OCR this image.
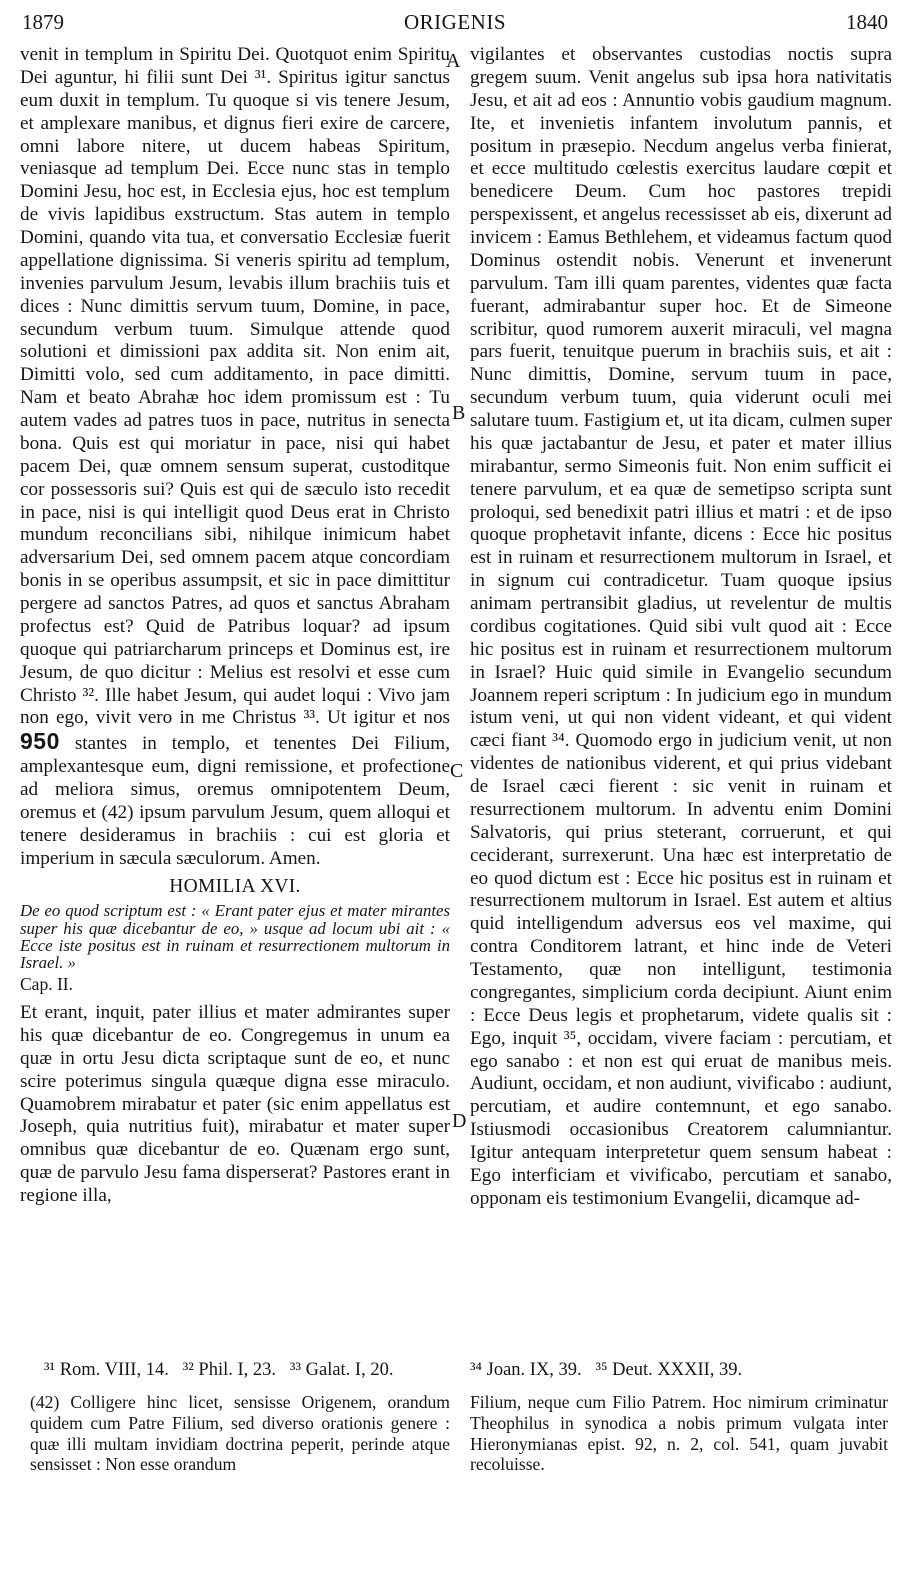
1879	ORIGENIS	1840

venit in templum in Spiritu Dei. Quotquot enim Spiritu Dei aguntur, hi filii sunt Dei ³¹. Spiritus igitur sanctus eum duxit in templum. Tu quoque si vis tenere Jesum, et amplexare manibus, et dignus fieri exire de carcere, omni labore nitere, ut ducem habeas Spiritum, veniasque ad templum Dei. Ecce nunc stas in templo Domini Jesu, hoc est, in Ecclesia ejus, hoc est templum de vivis lapidibus exstructum. Stas autem in templo Domini, quando vita tua, et conversatio Ecclesiæ fuerit appellatione dignissima. Si veneris spiritu ad templum, invenies parvulum Jesum, levabis illum brachiis tuis et dices : Nunc dimittis servum tuum, Domine, in pace, secundum verbum tuum. Simulque attende quod solutioni et dimissioni pax addita sit. Non enim ait, Dimitti volo, sed cum additamento, in pace dimitti. Nam et beato Abrahæ hoc idem promissum est : Tu autem vades ad patres tuos in pace, nutritus in senecta bona. Quis est qui moriatur in pace, nisi qui habet pacem Dei, quæ omnem sensum superat, custoditque cor possessoris sui? Quis est qui de sæculo isto recedit in pace, nisi is qui intelligit quod Deus erat in Christo mundum reconcilians sibi, nihilque inimicum habet adversarium Dei, sed omnem pacem atque concordiam bonis in se operibus assumpsit, et sic in pace dimittitur pergere ad sanctos Patres, ad quos et sanctus Abraham profectus est? Quid de Patribus loquar? ad ipsum quoque qui patriarcharum princeps et Dominus est, ire Jesum, de quo dicitur : Melius est resolvi et esse cum Christo ³². Ille habet Jesum, qui audet loqui : Vivo jam non ego, vivit vero in me Christus ³³. Ut igitur et nos 950 stantes in templo, et tenentes Dei Filium, amplexantesque eum, digni remissione, et profectione ad meliora simus, oremus omnipotentem Deum, oremus et (42) ipsum parvulum Jesum, quem alloqui et tenere desideramus in brachiis : cui est gloria et imperium in sæcula sæculorum. Amen.

HOMILIA XVI.
De eo quod scriptum est : « Erant pater ejus et mater mirantes super his quæ dicebantur de eo, » usque ad locum ubi ait : « Ecce iste positus est in ruinam et resurrectionem multorum in Israel. »
Cap. II.

Et erant, inquit, pater illius et mater admirantes super his quæ dicebantur de eo. Congregemus in unum ea quæ in ortu Jesu dicta scriptaque sunt de eo, et nunc scire poterimus singula quæque digna esse miraculo. Quamobrem mirabatur et pater (sic enim appellatus est Joseph, quia nutritius fuit), mirabatur et mater super omnibus quæ dicebantur de eo. Quænam ergo sunt, quæ de parvulo Jesu fama disperserat? Pastores erant in regione illa,

A
B
C
D

vigilantes et observantes custodias noctis supra gregem suum. Venit angelus sub ipsa hora nativitatis Jesu, et ait ad eos : Annuntio vobis gaudium magnum. Ite, et invenietis infantem involutum pannis, et positum in præsepio. Necdum angelus verba finierat, et ecce multitudo cœlestis exercitus laudare cœpit et benedicere Deum. Cum hoc pastores trepidi perspexissent, et angelus recessisset ab eis, dixerunt ad invicem : Eamus Bethlehem, et videamus factum quod Dominus ostendit nobis. Venerunt et invenerunt parvulum. Tam illi quam parentes, videntes quæ facta fuerant, admirabantur super hoc. Et de Simeone scribitur, quod rumorem auxerit miraculi, vel magna pars fuerit, tenuitque puerum in brachiis suis, et ait : Nunc dimittis, Domine, servum tuum in pace, secundum verbum tuum, quia viderunt oculi mei salutare tuum. Fastigium et, ut ita dicam, culmen super his quæ jactabantur de Jesu, et pater et mater illius mirabantur, sermo Simeonis fuit. Non enim sufficit ei tenere parvulum, et ea quæ de semetipso scripta sunt proloqui, sed benedixit patri illius et matri : et de ipso quoque prophetavit infante, dicens : Ecce hic positus est in ruinam et resurrectionem multorum in Israel, et in signum cui contradicetur. Tuam quoque ipsius animam pertransibit gladius, ut revelentur de multis cordibus cogitationes. Quid sibi vult quod ait : Ecce hic positus est in ruinam et resurrectionem multorum in Israel? Huic quid simile in Evangelio secundum Joannem reperi scriptum : In judicium ego in mundum istum veni, ut qui non vident videant, et qui vident cæci fiant ³⁴. Quomodo ergo in judicium venit, ut non videntes de nationibus viderent, et qui prius videbant de Israel cæci fierent : sic venit in ruinam et resurrectionem multorum. In adventu enim Domini Salvatoris, qui prius steterant, corruerunt, et qui ceciderant, surrexerunt. Una hæc est interpretatio de eo quod dictum est : Ecce hic positus est in ruinam et resurrectionem multorum in Israel. Est autem et altius quid intelligendum adversus eos vel maxime, qui contra Conditorem latrant, et hinc inde de Veteri Testamento, quæ non intelligunt, testimonia congregantes, simplicium corda decipiunt. Aiunt enim : Ecce Deus legis et prophetarum, videte qualis sit : Ego, inquit ³⁵, occidam, vivere faciam : percutiam, et ego sanabo : et non est qui eruat de manibus meis. Audiunt, occidam, et non audiunt, vivificabo : audiunt, percutiam, et audire contemnunt, et ego sanabo. Istiusmodi occasionibus Creatorem calumniantur. Igitur antequam interpretetur quem sensum habeat : Ego interficiam et vivificabo, percutiam et sanabo, opponam eis testimonium Evangelii, dicamque ad-

³¹ Rom. VIII, 14.   ³² Phil. I, 23.   ³³ Galat. I, 20.	³⁴ Joan. IX, 39.   ³⁵ Deut. XXXII, 39.

(42) Colligere hinc licet, sensisse Origenem, orandum quidem cum Patre Filium, sed diverso orationis genere : quæ illi multam invidiam doctrina peperit, perinde atque sensisset : Non esse orandum

Filium, neque cum Filio Patrem. Hoc nimirum criminatur Theophilus in synodica a nobis primum vulgata inter Hieronymianas epist. 92, n. 2, col. 541, quam juvabit recoluisse.
